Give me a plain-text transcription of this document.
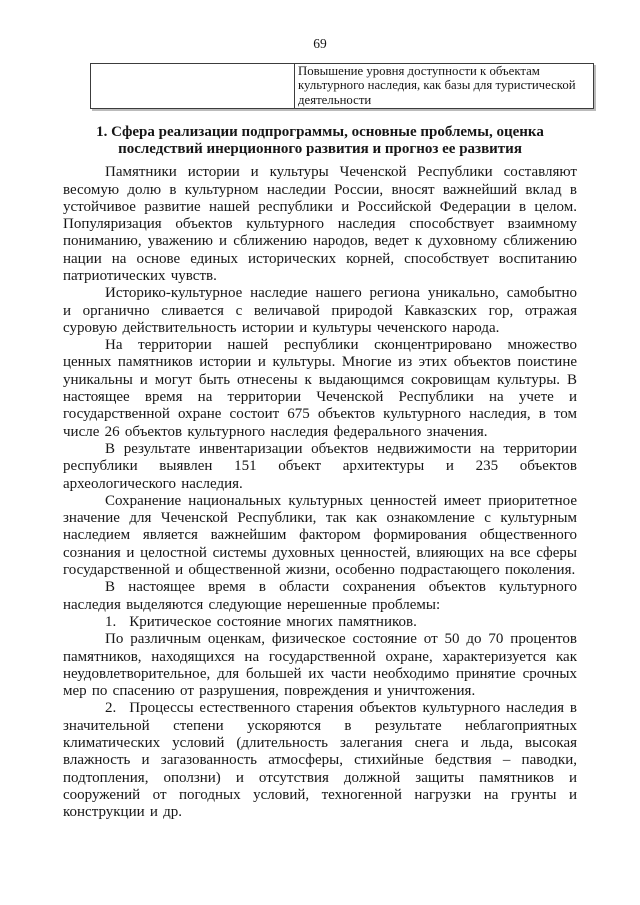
69
	Повышение уровня доступности к объектам культурного наследия, как базы для туристической деятельности
1. Сфера реализации подпрограммы, основные проблемы, оценка последствий инерционного развития и прогноз ее развития

Памятники истории и культуры Чеченской Республики составляют весомую долю в культурном наследии России, вносят важнейший вклад в устойчивое развитие нашей республики и Российской Федерации в целом. Популяризация объектов культурного наследия способствует взаимному пониманию, уважению и сближению народов, ведет к духовному сближению нации на основе единых исторических корней, способствует воспитанию патриотических чувств.

Историко-культурное наследие нашего региона уникально, самобытно и органично сливается с величавой природой Кавказских гор, отражая суровую действительность истории и культуры чеченского народа.

На территории нашей республики сконцентрировано множество ценных памятников истории и культуры. Многие из этих объектов поистине уникальны и могут быть отнесены к выдающимся сокровищам культуры. В настоящее время на территории Чеченской Республики на учете и государственной охране состоит 675 объектов культурного наследия, в том числе 26 объектов культурного наследия федерального значения.

В результате инвентаризации объектов недвижимости на территории республики выявлен 151 объект архитектуры и 235 объектов археологического наследия.

Сохранение национальных культурных ценностей имеет приоритетное значение для Чеченской Республики, так как ознакомление с культурным наследием является важнейшим фактором формирования общественного сознания и целостной системы духовных ценностей, влияющих на все сферы государственной и общественной жизни, особенно подрастающего поколения.

В настоящее время в области сохранения объектов культурного наследия выделяются следующие нерешенные проблемы:

1. Критическое состояние многих памятников.

По различным оценкам, физическое состояние от 50 до 70 процентов памятников, находящихся на государственной охране, характеризуется как неудовлетворительное, для большей их части необходимо принятие срочных мер по спасению от разрушения, повреждения и уничтожения.

2. Процессы естественного старения объектов культурного наследия в значительной степени ускоряются в результате неблагоприятных климатических условий (длительность залегания снега и льда, высокая влажность и загазованность атмосферы, стихийные бедствия – паводки, подтопления, оползни) и отсутствия должной защиты памятников и сооружений от погодных условий, техногенной нагрузки на грунты и конструкции и др.
